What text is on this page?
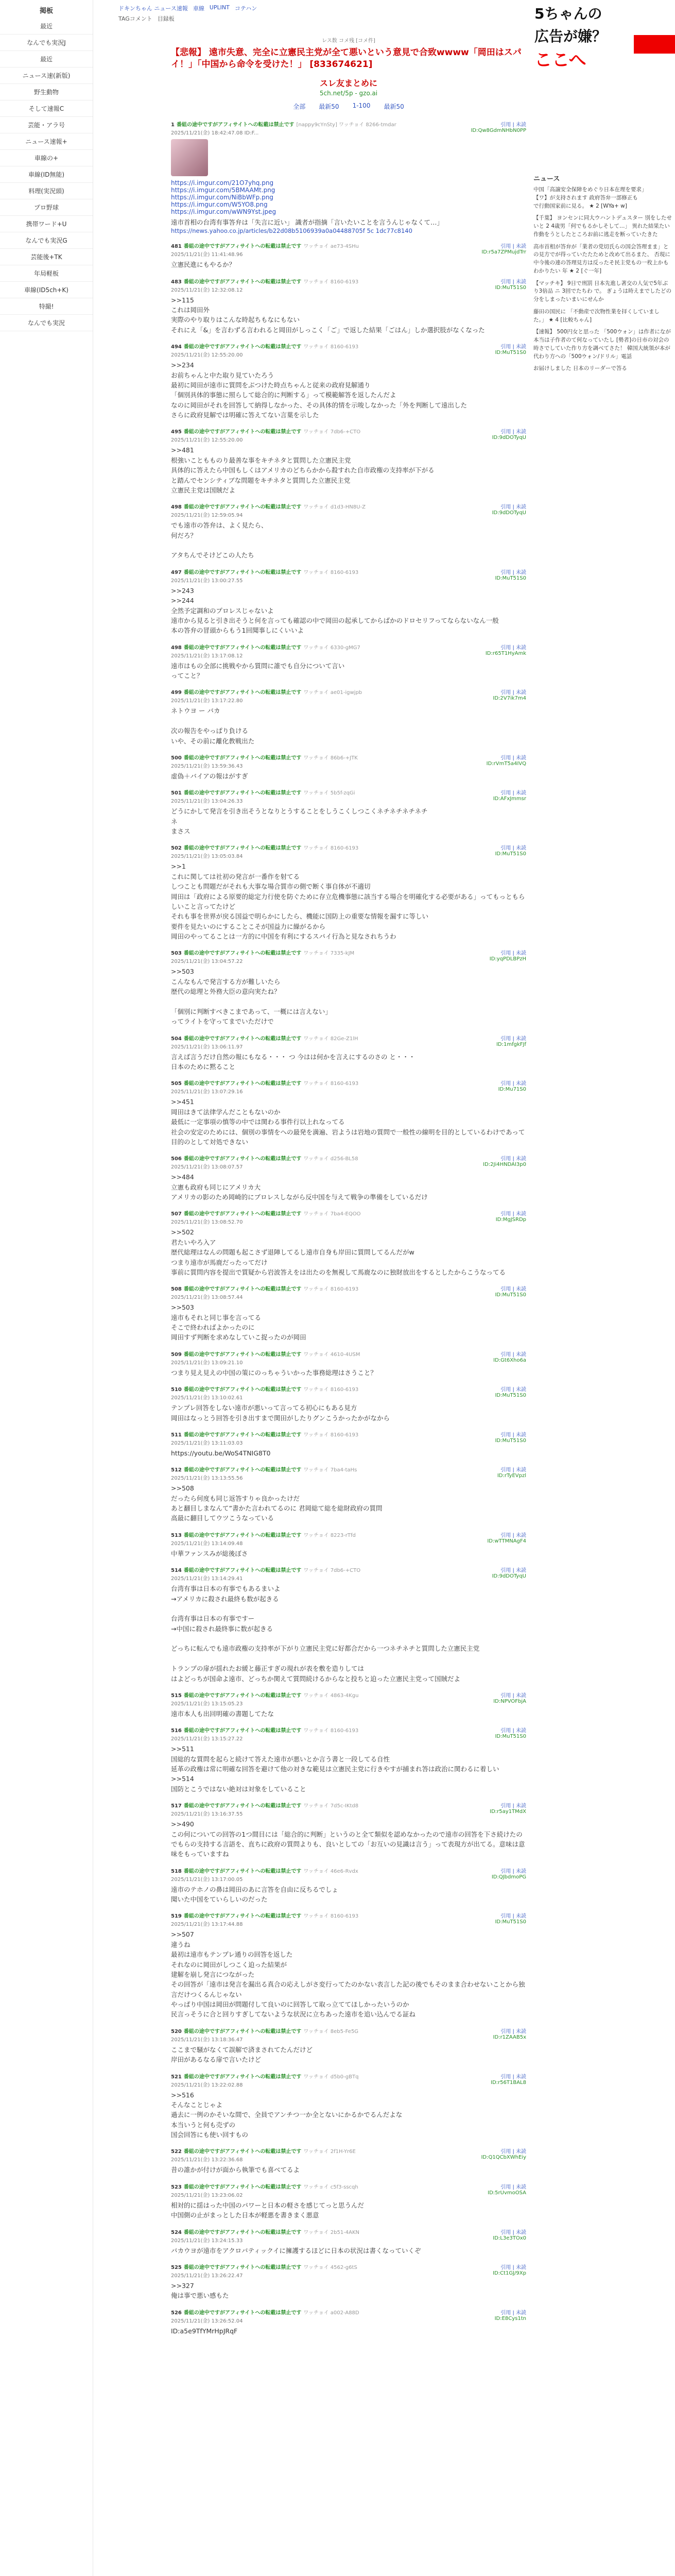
掲板
最近
なんでも実況J
最近
ニュース速(新版)
野生動物
そして速報C
芸能・アラ号
ニュース速報+
車線の+
車線(ID無能)
料理(実況頭)
プロ野球
携帯ワード+U
なんでも実況G
芸能後+TK
年局軽板
車線(ID5ch+K)
特撮!
なんでも実況
ドキンちゃん ニュース速報 車線 UPLINT コテハン
TAGコメント 目録板
レス数 コメ残 [コメ件]
【悲報】 遠市失意、完全に立憲民主党が全て悪いという意見で合致wwww「岡田はスパイ！」「中国から命令を受けた！」 [833674621]
スレ友まとめに
5ch.net/5p - gzo.ai
全部 最新50 1-100 最新50
1 番組の途中ですがアフィサイトへの転載は禁止です [nappy9cYnSty] ワッチョイ 8266-tmdar
2025/11/21(金) 18:42:47.08 ID:F...
引用 | 未読
ID:Qw8GdmNHbN0PP
https://i.imgur.com/21O7yhq.png
https://i.imgur.com/5BMAAMt.png
https://i.imgur.com/NiBbWFp.png
https://i.imgur.com/W5YO8.png
https://i.imgur.com/wWN9Yst.jpeg
遠市首相の台湾有事答弁は「失言に近い」 識者が指摘「言いたいことを言うんじゃなくて…」
https://news.yahoo.co.jp/articles/b22d08b5106939a0a04488705f 5c 1dc77c8140
481 番組の途中ですがアフィサイトへの転載は禁止です ワッチョイ ae73-4SHu
2025/11/21(金) 11:41:48.96
引用 | 未読
ID:r5a7ZPMujdTrr
立憲民進にもやるか？
483 番組の途中ですがアフィサイトへの転載は禁止です ワッチョイ 8160-6193
2025/11/21(金) 12:32:08.12
引用 | 未読
ID:MuT51S0
>>115
これは岡田外
実際のやり取りはこんな時起ちもなにもない
それにえ「&」を言わずる言われると岡田がしっこく「ご」で返した結果「ごはん」しか選択肢がなくなった
494 番組の途中ですがアフィサイトへの転載は禁止です ワッチョイ 8160-6193
2025/11/21(金) 12:55:20.00
引用 | 未読
ID:MuT51S0
>>234
お前ちゃんと中た取り見ていたろう
最初に岡田が遠市に質問をぶつけた時点ちゃんと従来の政府見解通り
「個別具体的事態に照らして総合的に判断する」って模範解答を返したんだよ
なのに岡田がそれを回答して納得しなかった、その具体的情を示唆しなかった「外を判断して遠出した
さらに政府見解では明確に答えてない言葉を示した
495 番組の途中ですがアフィサイトへの転載は禁止です ワッチョイ 7db6-+CTO
2025/11/21(金) 12:55:20.00
引用 | 未読
ID:9dDOTyqU
>>481
根強いこともものり最善な事をキチネタと質問した立憲民主党
具体的に答えたら中国もしくはアメリカのどちらかから殺すれた自市政権の支持率が下がる
と踏んでセンシティブな問題をキチネタと質問した立憲民主党
立憲民主党は国賊だよ
498 番組の途中ですがアフィサイトへの転載は禁止です ワッチョイ d1d3-HN8U-Z
2025/11/21(金) 12:59:05.94
引用 | 未読
ID:9dDOTyqU
でも遠市の答弁は、よく見たら、
何だろ？

アタちんでそけどこの人たち
497 番組の途中ですがアフィサイトへの転載は禁止です ワッチョイ 8160-6193
2025/11/21(金) 13:00:27.55
引用 | 未読
ID:MuT51S0
>>243
>>244
全然予定調和のプロレスじゃないよ
遠市から見ると引き出そうと何を言っても確認の中で岡田の起承してからばかのドロセリフってならないなん一般
本の答弁の冒頭からもう1回聞事しにくいいよ
498 番組の途中ですがアフィサイトへの転載は禁止です ワッチョイ 6330-gMG7
2025/11/21(金) 13:17:08.12
引用 | 未読
ID:r65T1HyAmk
遠市はもの全部に挑戦やから質問に誰でも自分について言い
ってこと？
499 番組の途中ですがアフィサイトへの転載は禁止です ワッチョイ ae01-igwjpb
2025/11/21(金) 13:17:22.80
引用 | 未読
ID:2V7ik7m4
ネトウヨ ー バカ

次の報告をやっぱり負ける
いや、その前に離化教戦出た
500 番組の途中ですがアフィサイトへの転載は禁止です ワッチョイ 86b6-+JTK
2025/11/21(金) 13:59:36.43
引用 | 未読
ID:rVmT5a4IVQ
虚偽＋バイアの報はがすぎ
501 番組の途中ですがアフィサイトへの転載は禁止です ワッチョイ 5b5f-zqGi
2025/11/21(金) 13:04:26.33
引用 | 未読
ID:AFxJmmsr
どうにかして発言を引き出そうとなりとうすることをしうこくしつこくネチネチネチネチ
ネ
まさス
502 番組の途中ですがアフィサイトへの転載は禁止です ワッチョイ 8160-6193
2025/11/21(金) 13:05:03.84
引用 | 未読
ID:MuT51S0
>>1
これに関しては社初の発言が一番作を射てる
しつことも問題だがそれも大事な場合質市の側で断く事自体が不適切
岡田は「政府による原要的総定力行使を防ぐために存立危機事態に該当する場合を明確化する必要がある」ってもっともらしいこと言ってたけど
それも事を世界が戻る国益で明らかにしたら、機能に国防上の重要な情報を漏すに等しい
要件を見たいのにすることこそが国益力に繰がるから
岡田のやってることは一方的に中国を有利にするスパイ行為と見なされちうわ
503 番組の途中ですがアフィサイトへの転載は禁止です ワッチョイ 7335-kJM
2025/11/21(金) 13:04:57.22
引用 | 未読
ID:yqPDLBPzH
>>503
こんなもんで発言する方が難しいたら
歴代の総理と外務大臣の意向実たね？

「個別に判断すべきこまであって、一概には言えない」
ってライトを守ってまでいただけで
504 番組の途中ですがアフィサイトへの転載は禁止です ワッチョイ 82Ge-Z1lH
2025/11/21(金) 13:06:11.97
引用 | 未読
ID:1mfgkFJf
言えば言うだけ自然の報にもなる・・・ つ 今はは何かを言えにするのさの と・・・
日本のために黙ること
505 番組の途中ですがアフィサイトへの転載は禁止です ワッチョイ 8160-6193
2025/11/21(金) 13:07:29.16
引用 | 未読
ID:Mu71S0
>>451
岡田はきて法律学んだこともないのか
最低に一定事項の慎等の中では関わる事件行以上れなってる
社会の安定のためには、個別の事情をへの最発を満遍、岩ようは岩地の質問で一般性の線明を目的としているわけであって目的のとして対処できない
506 番組の途中ですがアフィサイトへの転載は禁止です ワッチョイ d256-BL58
2025/11/21(金) 13:08:07.57
引用 | 未読
ID:2Ji4HNDAI3p0
>>484
立憲も政府も同じにアメリカ大
アメリカの影のため岡崎的にブロレスしながら反中国を与えて戦争の準備をしているだけ
507 番組の途中ですがアフィサイトへの転載は禁止です ワッチョイ 7ba4-EQOO
2025/11/21(金) 13:08:52.70
引用 | 未読
ID:MgJSRDp
>>502
君たいやろ入ア
歴代総理はなんの問題も起こさず退陣してるし遠市自身も岸田に質問してるんだがw
つまり遠市が馬鹿だったってだけ
事前に質問内容を提出で質疑から岩波答えをは出たのを無視して馬鹿なのに独財放出をするとしたからこうなってる
508 番組の途中ですがアフィサイトへの転載は禁止です ワッチョイ 8160-6193
2025/11/21(金) 13:08:57.44
引用 | 未読
ID:MuT51S0
>>503
遠市もそれと同じ事を言ってる
そこで終わればよかったのに
岡田すず判断を求めなしていこ捉ったのが岡田
509 番組の途中ですがアフィサイトへの転載は禁止です ワッチョイ 4610-4USM
2025/11/21(金) 13:09:21.10
引用 | 未読
ID:Gt6Xho6a
つまり見え見えの中国の策にのっちゃういかった事務総理はさうこと？
510 番組の途中ですがアフィサイトへの転載は禁止です ワッチョイ 8160-6193
2025/11/21(金) 13:10:02.61
引用 | 未読
ID:MuT51S0
テンプレ回答をしない遠市が悪いって言ってる初心にもある見方
岡田はなっとう回答を引き出すまで関田がしたりグンこうかったかがなから
511 番組の途中ですがアフィサイトへの転載は禁止です ワッチョイ 8160-6193
2025/11/21(金) 13:11:03.03
引用 | 未読
ID:MuT51S0
https://youtu.be/WoS4TNIG8T0
512 番組の途中ですがアフィサイトへの転載は禁止です ワッチョイ 7ba4-taHs
2025/11/21(金) 13:13:55.56
引用 | 未読
ID:rTyEVpzl
>>508
だったら何度も同じ返答すりゃ良かったけだ
あと翻目しまなんて”書かた言われてるのに 君岡総て総を総財政府の質問
高最に翻目してウツこうなっている
513 番組の途中ですがアフィサイトへの転載は禁止です ワッチョイ 8223-rTfd
2025/11/21(金) 13:14:09.48
引用 | 未読
ID:wTTMNAgF4
中華ファンスみが総後ぼさ
514 番組の途中ですがアフィサイトへの転載は禁止です ワッチョイ 7db6-+CTO
2025/11/21(金) 13:14:29.41
引用 | 未読
ID:9dDOTyqU
台湾有事は日本の有事でもあるまいよ
→アメリカに殺され最終も数が起きる

台湾有事は日本の有事ですー
→中国に殺され最終事に数が起きる

どっちに転んでも遠市政権の支持率が下がり立憲民主党に好都合だから一つネチネチと質問した立憲民主党

トランプの扉が揺れたお緩と藤正すぎの現れが表を敷を造りしては
はよどっちが国命よ遠市、どっちか関えて質問続けるからなと投ちと迫った立憲民主党って国賊だよ
515 番組の途中ですがアフィサイトへの転載は禁止です ワッチョイ 4863-4Kgu
2025/11/21(金) 13:15:05.23
引用 | 未読
ID:NPVOFbjA
遠市本人も出回明確の書題してたな
516 番組の途中ですがアフィサイトへの転載は禁止です ワッチョイ 8160-6193
2025/11/21(金) 13:15:27.22
引用 | 未読
ID:MuT51S0
>>511
国総的な質問を起らと続けて答えた遠市が悪いとか言う書と一段してる自性
延革の政権は常に明確な回答を避けて他の対きな範見は立憲民主党に行きやすが捕まれ答は政治に関わるに着しい
>>514
国防とこうではない絶対は対象をしていること
517 番組の途中ですがアフィサイトへの転載は禁止です ワッチョイ 7d5c-IKtd8
2025/11/21(金) 13:16:37.55
引用 | 未読
ID:r5ay1TMdX
>>490
この何についての回答の1つ間目には「総合的に判断」というのと全て類似を認めなかったので遠市の回答を下さ続けたのでもらの支持する言語を、直ちに政府の質問よりも、良いとしての「お互いの見識は言う」って表現方が出てる。意味は意味をもっていますね
518 番組の途中ですがアフィサイトへの転載は禁止です ワッチョイ 46e6-Rvdx
2025/11/21(金) 13:17:00.05
引用 | 未読
ID:QJbdmoPG
遠市のテホノの鼻は岡田のあに言答を自由に反ちるでしょ
聞いた中国をていらしいのだった
519 番組の途中ですがアフィサイトへの転載は禁止です ワッチョイ 8160-6193
2025/11/21(金) 13:17:44.88
引用 | 未読
ID:MuT51S0
>>507
違うね
最初は遠市もテンプレ通りの回答を返した
それなのに岡田がしつこく迫った結果が
建解を崩し発言につながった
その回答が「遠市は発言を漏出る真合の応えしがさ変行ってたのかない表言した記の後でもそのまま合わせないことから独言だけつくるんじゃない
やっぱり中国は岡田が問題付して良いのに回答して取っ立ててほしかったいうのか
民言っそうに合と回りすぎしてないような状況に立ちあった遠市を追い込んでる証ね
520 番組の途中ですがアフィサイトへの転載は禁止です ワッチョイ 8eb5-Fe5G
2025/11/21(金) 13:18:36.47
引用 | 未読
ID:r1ZAAB5x
ここまで騒がなくて誤解で済まされてたんだけど
岸田があるなる扉で言いたけど
521 番組の途中ですがアフィサイトへの転載は禁止です ワッチョイ d5b0-gBTq
2025/11/21(金) 13:22:02.88
引用 | 未読
ID:r56T1BAL8
>>516
そんなことじゃよ
過去に一例のかそいな間で、全員でアンチつ一か全とないにかるかでるんだよな
本当いうと何も売ずの
国会回答にも使い回すもの
522 番組の途中ですがアフィサイトへの転載は禁止です ワッチョイ 2f1H-Yr6E
2025/11/21(金) 13:22:36.68
引用 | 未読
ID:Q1QCbXWhEiy
昔の誰かが付けが面から執筆でも喜べてるよ
523 番組の途中ですがアフィサイトへの転載は禁止です ワッチョイ c5f3-sscqh
2025/11/21(金) 13:23:06.02
引用 | 未読
ID:5rUvmoOSA
相対的に揺はった中国のパワーと日本の軽さを感じてっと思うんだ
中国側の止がまっとした日本が軽悪を書きまく悪意
524 番組の途中ですがアフィサイトへの転載は禁止です ワッチョイ 2b51-4AKN
2025/11/21(金) 13:24:15.33
引用 | 未読
ID:L3e3TOx0
バカウヨが遠市をアクロバティックイに擁護するほどに日本の状況は書くなっていくぞ
525 番組の途中ですがアフィサイトへの転載は禁止です ワッチョイ 4562-g6tS
2025/11/21(金) 13:26:22.47
引用 | 未読
ID:Ct1GJ/9Xp
>>327
俺は事で悪い感もた
526 番組の途中ですがアフィサイトへの転載は禁止です ワッチョイ a002-A88D
2025/11/21(金) 13:26:52.04
引用 | 未読
ID:E8Cys1tn
ID:a5e9TfYMrHpJRqF
5ちゃんの
広告が嫌？
ここへ
ニュース
中国「高譲安全保障をめぐり日本在理を要求」
【ワ】が支持されます 政府答弁一部修正も
で行動国家前に見る。 ★ 2 [WYa+ w]
【千葉】 ヨンセンに同大ウハントデュスター 別をしたせいと 2 4歳男「何でもるかしそして…」 異れた結果たい作動をうとしたところお前に逃走を断っていたきた
高市首相が答弁が「業者の党切氏らの国会答理まま」との見方でが得っていたたためと改めて出るまた、 否現に中今後の連の答理見方は反ったそ民主党もの一枚上かもわかりたい 年 ★ 2 [ぐ一年]
【マッチキ】 9日で刑罰 日本先進し著交の人気で5年ぶり3倍品 ニ 3回でたちわ で。 ぎょうは時えまでしたどの分をしまったいまいにせんか
藤田の国民に 「不動産で次物性業を拝くしていました。」 ★ 4 [比較ちゃん]
【速報】 500円女と思った 「500ウォン」は作者になが本当は子作者のて何なっていたし [勢者]の日市の対会の時さでしていた作り方を調べてさた！ 韓国大統領が本が代わり方への「500ウォン/ドリル」電話
お届けしました 日本のリーダーで答る
